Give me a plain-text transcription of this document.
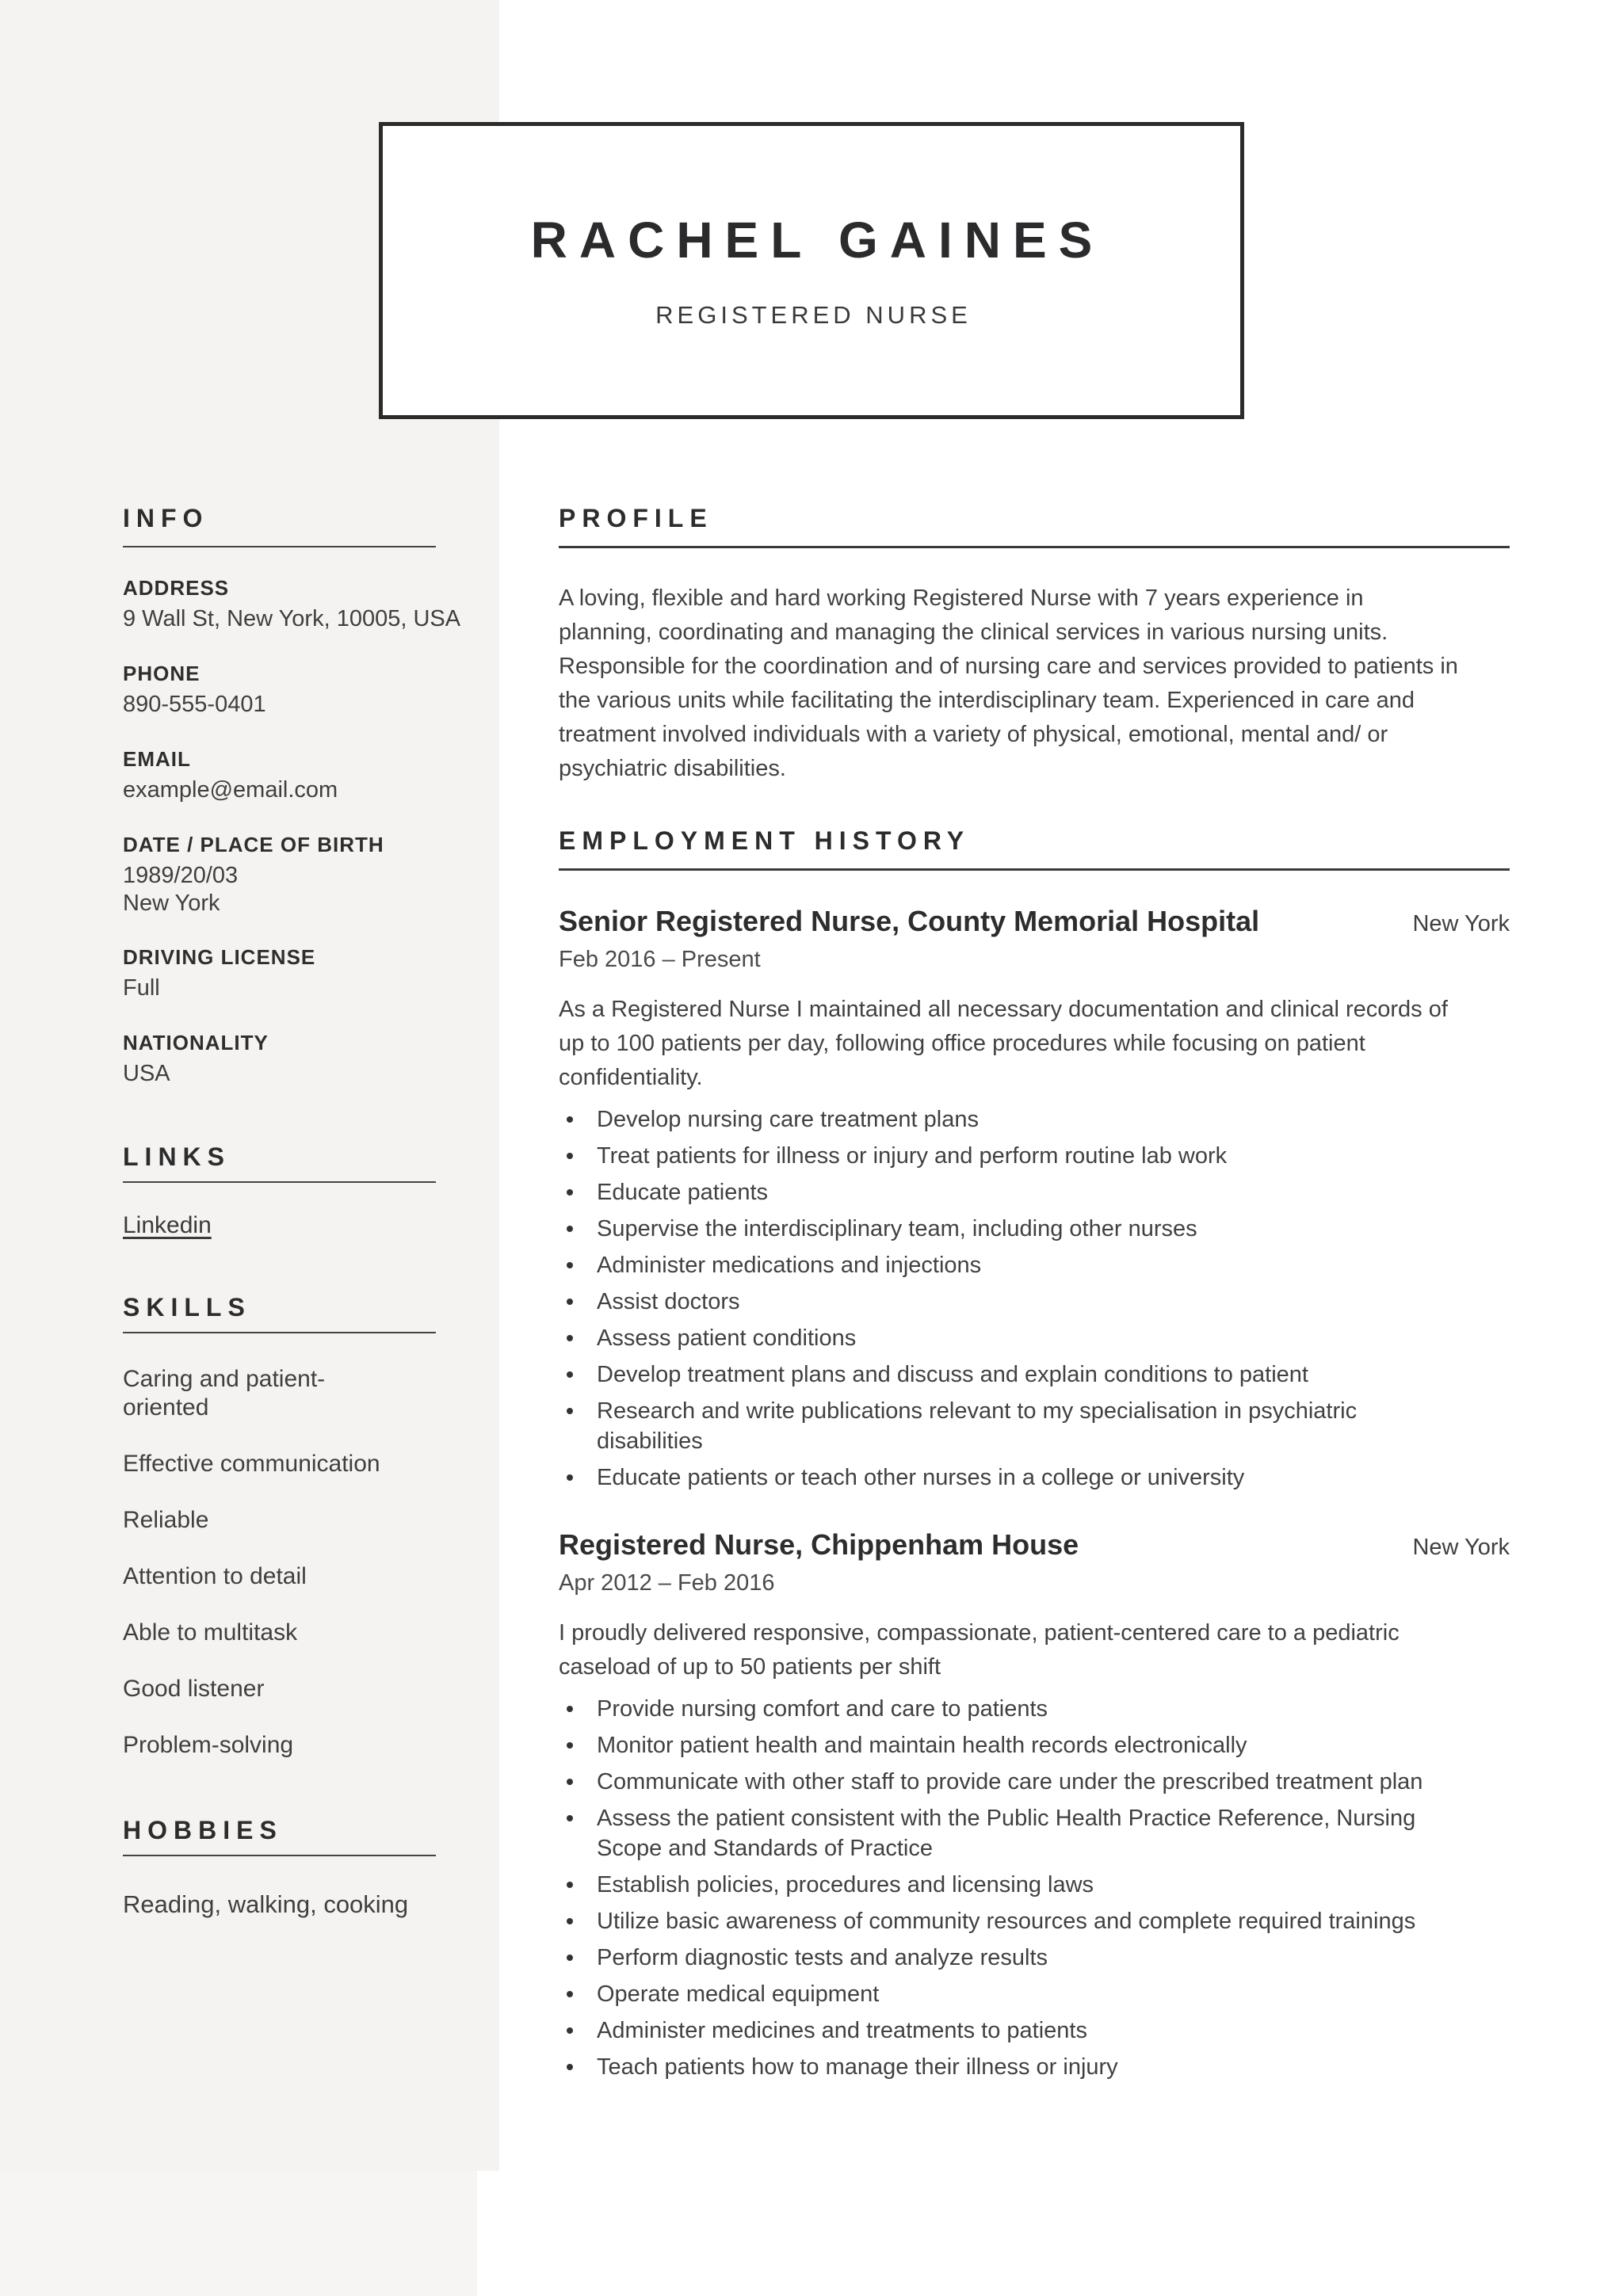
RACHEL GAINES
REGISTERED NURSE
INFO
ADDRESS
9 Wall St, New York, 10005, USA
PHONE
890-555-0401
EMAIL
example@email.com
DATE / PLACE OF BIRTH
1989/20/03
New York
DRIVING LICENSE
Full
NATIONALITY
USA
LINKS
Linkedin
SKILLS
Caring and patient-oriented
Effective communication
Reliable
Attention to detail
Able to multitask
Good listener
Problem-solving
HOBBIES
Reading, walking, cooking
PROFILE

A loving, flexible and hard working Registered Nurse with 7 years experience in planning, coordinating and managing the clinical services in various nursing units. Responsible for the coordination and of nursing care and services provided to patients in the various units while facilitating the interdisciplinary team. Experienced in care and treatment involved individuals with a variety of physical, emotional, mental and/ or psychiatric disabilities.

EMPLOYMENT HISTORY
Senior Registered Nurse, County Memorial Hospital	New York
Feb 2016 – Present

As a Registered Nurse I maintained all necessary documentation and clinical records of up to 100 patients per day, following office procedures while focusing on patient confidentiality.

Develop nursing care treatment plans
Treat patients for illness or injury and perform routine lab work
Educate patients
Supervise the interdisciplinary team, including other nurses
Administer medications and injections
Assist doctors
Assess patient conditions
Develop treatment plans and discuss and explain conditions to patient
Research and write publications relevant to my specialisation in psychiatric disabilities
Educate patients or teach other nurses in a college or university
Registered Nurse, Chippenham House	New York
Apr 2012 – Feb 2016

I proudly delivered responsive, compassionate, patient-centered care to a pediatric caseload of up to 50 patients per shift

Provide nursing comfort and care to patients
Monitor patient health and maintain health records electronically
Communicate with other staff to provide care under the prescribed treatment plan
Assess the patient consistent with the Public Health Practice Reference, Nursing Scope and Standards of Practice
Establish policies, procedures and licensing laws
Utilize basic awareness of community resources and complete required trainings
Perform diagnostic tests and analyze results
Operate medical equipment
Administer medicines and treatments to patients
Teach patients how to manage their illness or injury
